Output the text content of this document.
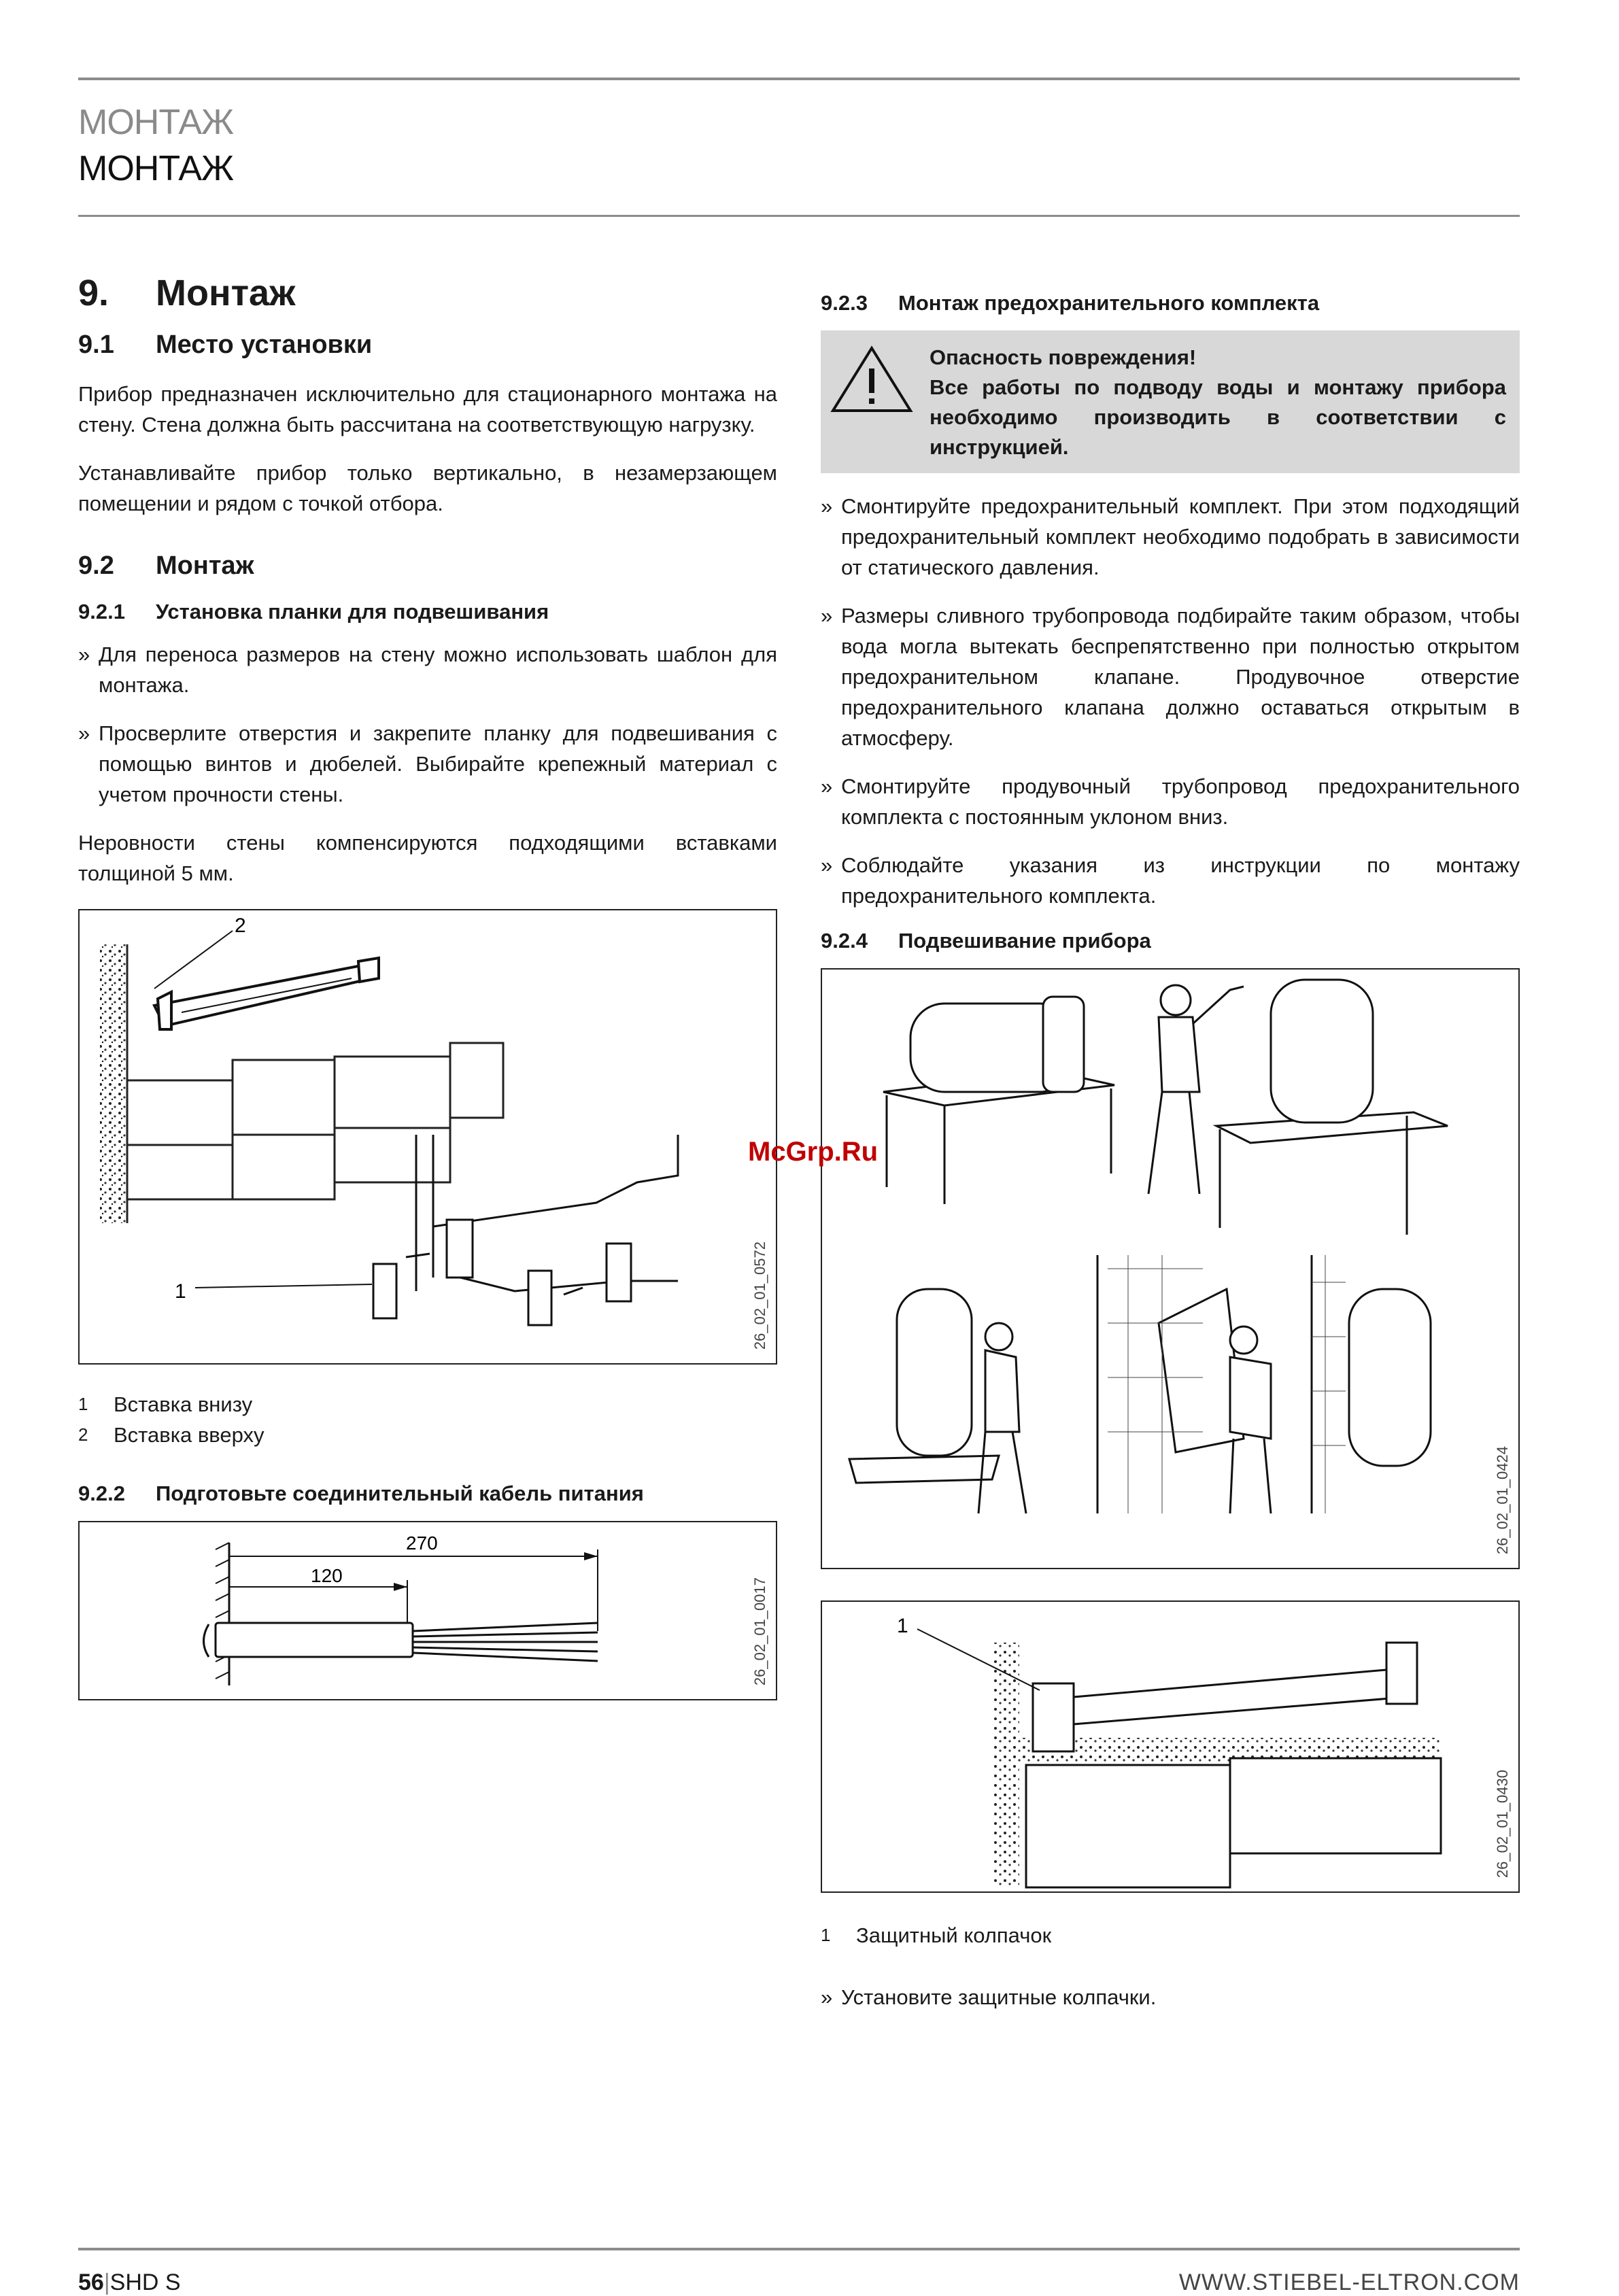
МОНТАЖ
МОНТАЖ
9.	Монтаж
9.1	Место установки

Прибор предназначен исключительно для стационарного монтажа на стену. Стена должна быть рассчитана на соответствующую нагрузку.

Устанавливайте прибор только вертикально, в незамерзающем помещении и рядом с точкой отбора.

9.2	Монтаж
9.2.1	Установка планки для подвешивания
» Для переноса размеров на стену можно использовать шаблон для монтажа.
» Просверлите отверстия и закрепите планку для подвешивания с помощью винтов и дюбелей. Выбирайте крепежный материал с учетом прочности стены.

Неровности стены компенсируются подходящими вставками толщиной 5 мм.

1
2
26_02_01_0572
1	Вставка внизу
2	Вставка вверху
9.2.2	Подготовьте соединительный кабель питания
270
120
26_02_01_0017
9.2.3	Монтаж предохранительного комплекта
Опасность повреждения!
Все работы по подводу воды и монтажу прибора необходимо производить в соответствии с инструкцией.
» Смонтируйте предохранительный комплект. При этом подходящий предохранительный комплект необходимо подобрать в зависимости от статического давления.
» Размеры сливного трубопровода подбирайте таким образом, чтобы вода могла вытекать беспрепятственно при полностью открытом предохранительном клапане. Продувочное отверстие предохранительного клапана должно оставаться открытым в атмосферу.
» Смонтируйте продувочный трубопровод предохранительного комплекта с постоянным уклоном вниз.
» Соблюдайте указания из инструкции по монтажу предохранительного комплекта.
9.2.4	Подвешивание прибора
26_02_01_0424
1
26_02_01_0430
1	Защитный колпачок
» Установите защитные колпачки.
McGrp.Ru
56|SHD S	WWW.STIEBEL-ELTRON.COM
